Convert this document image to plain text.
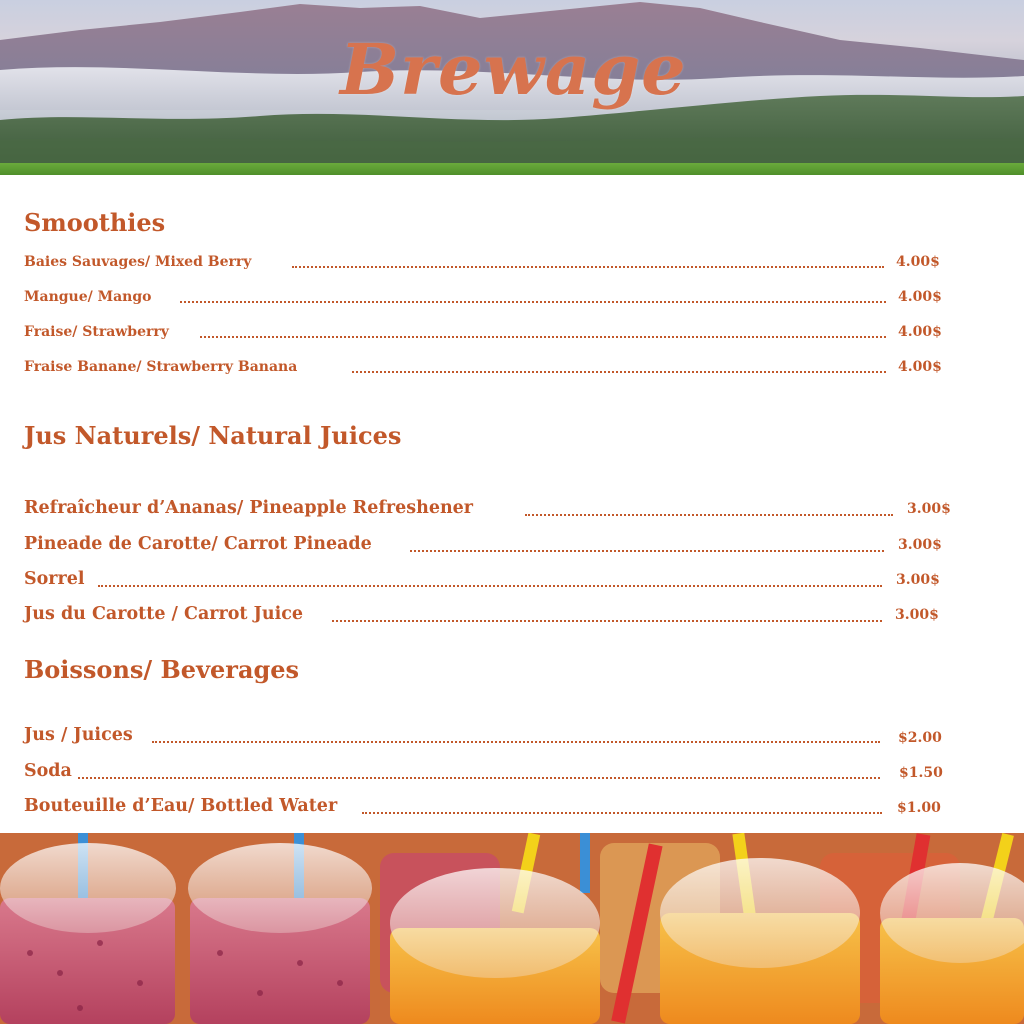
Brewage
Smoothies
Baies Sauvages/ Mixed Berry	4.00$
Mangue/ Mango	4.00$
Fraise/ Strawberry	4.00$
Fraise Banane/ Strawberry Banana	4.00$
Jus Naturels/ Natural Juices
Refraîcheur d’Ananas/ Pineapple Refreshener	3.00$
Pineade de Carotte/ Carrot Pineade	3.00$
Sorrel	3.00$
Jus du Carotte / Carrot Juice	3.00$
Boissons/ Beverages
Jus / Juices	$2.00
Soda	$1.50
Bouteuille d’Eau/ Bottled Water	$1.00
